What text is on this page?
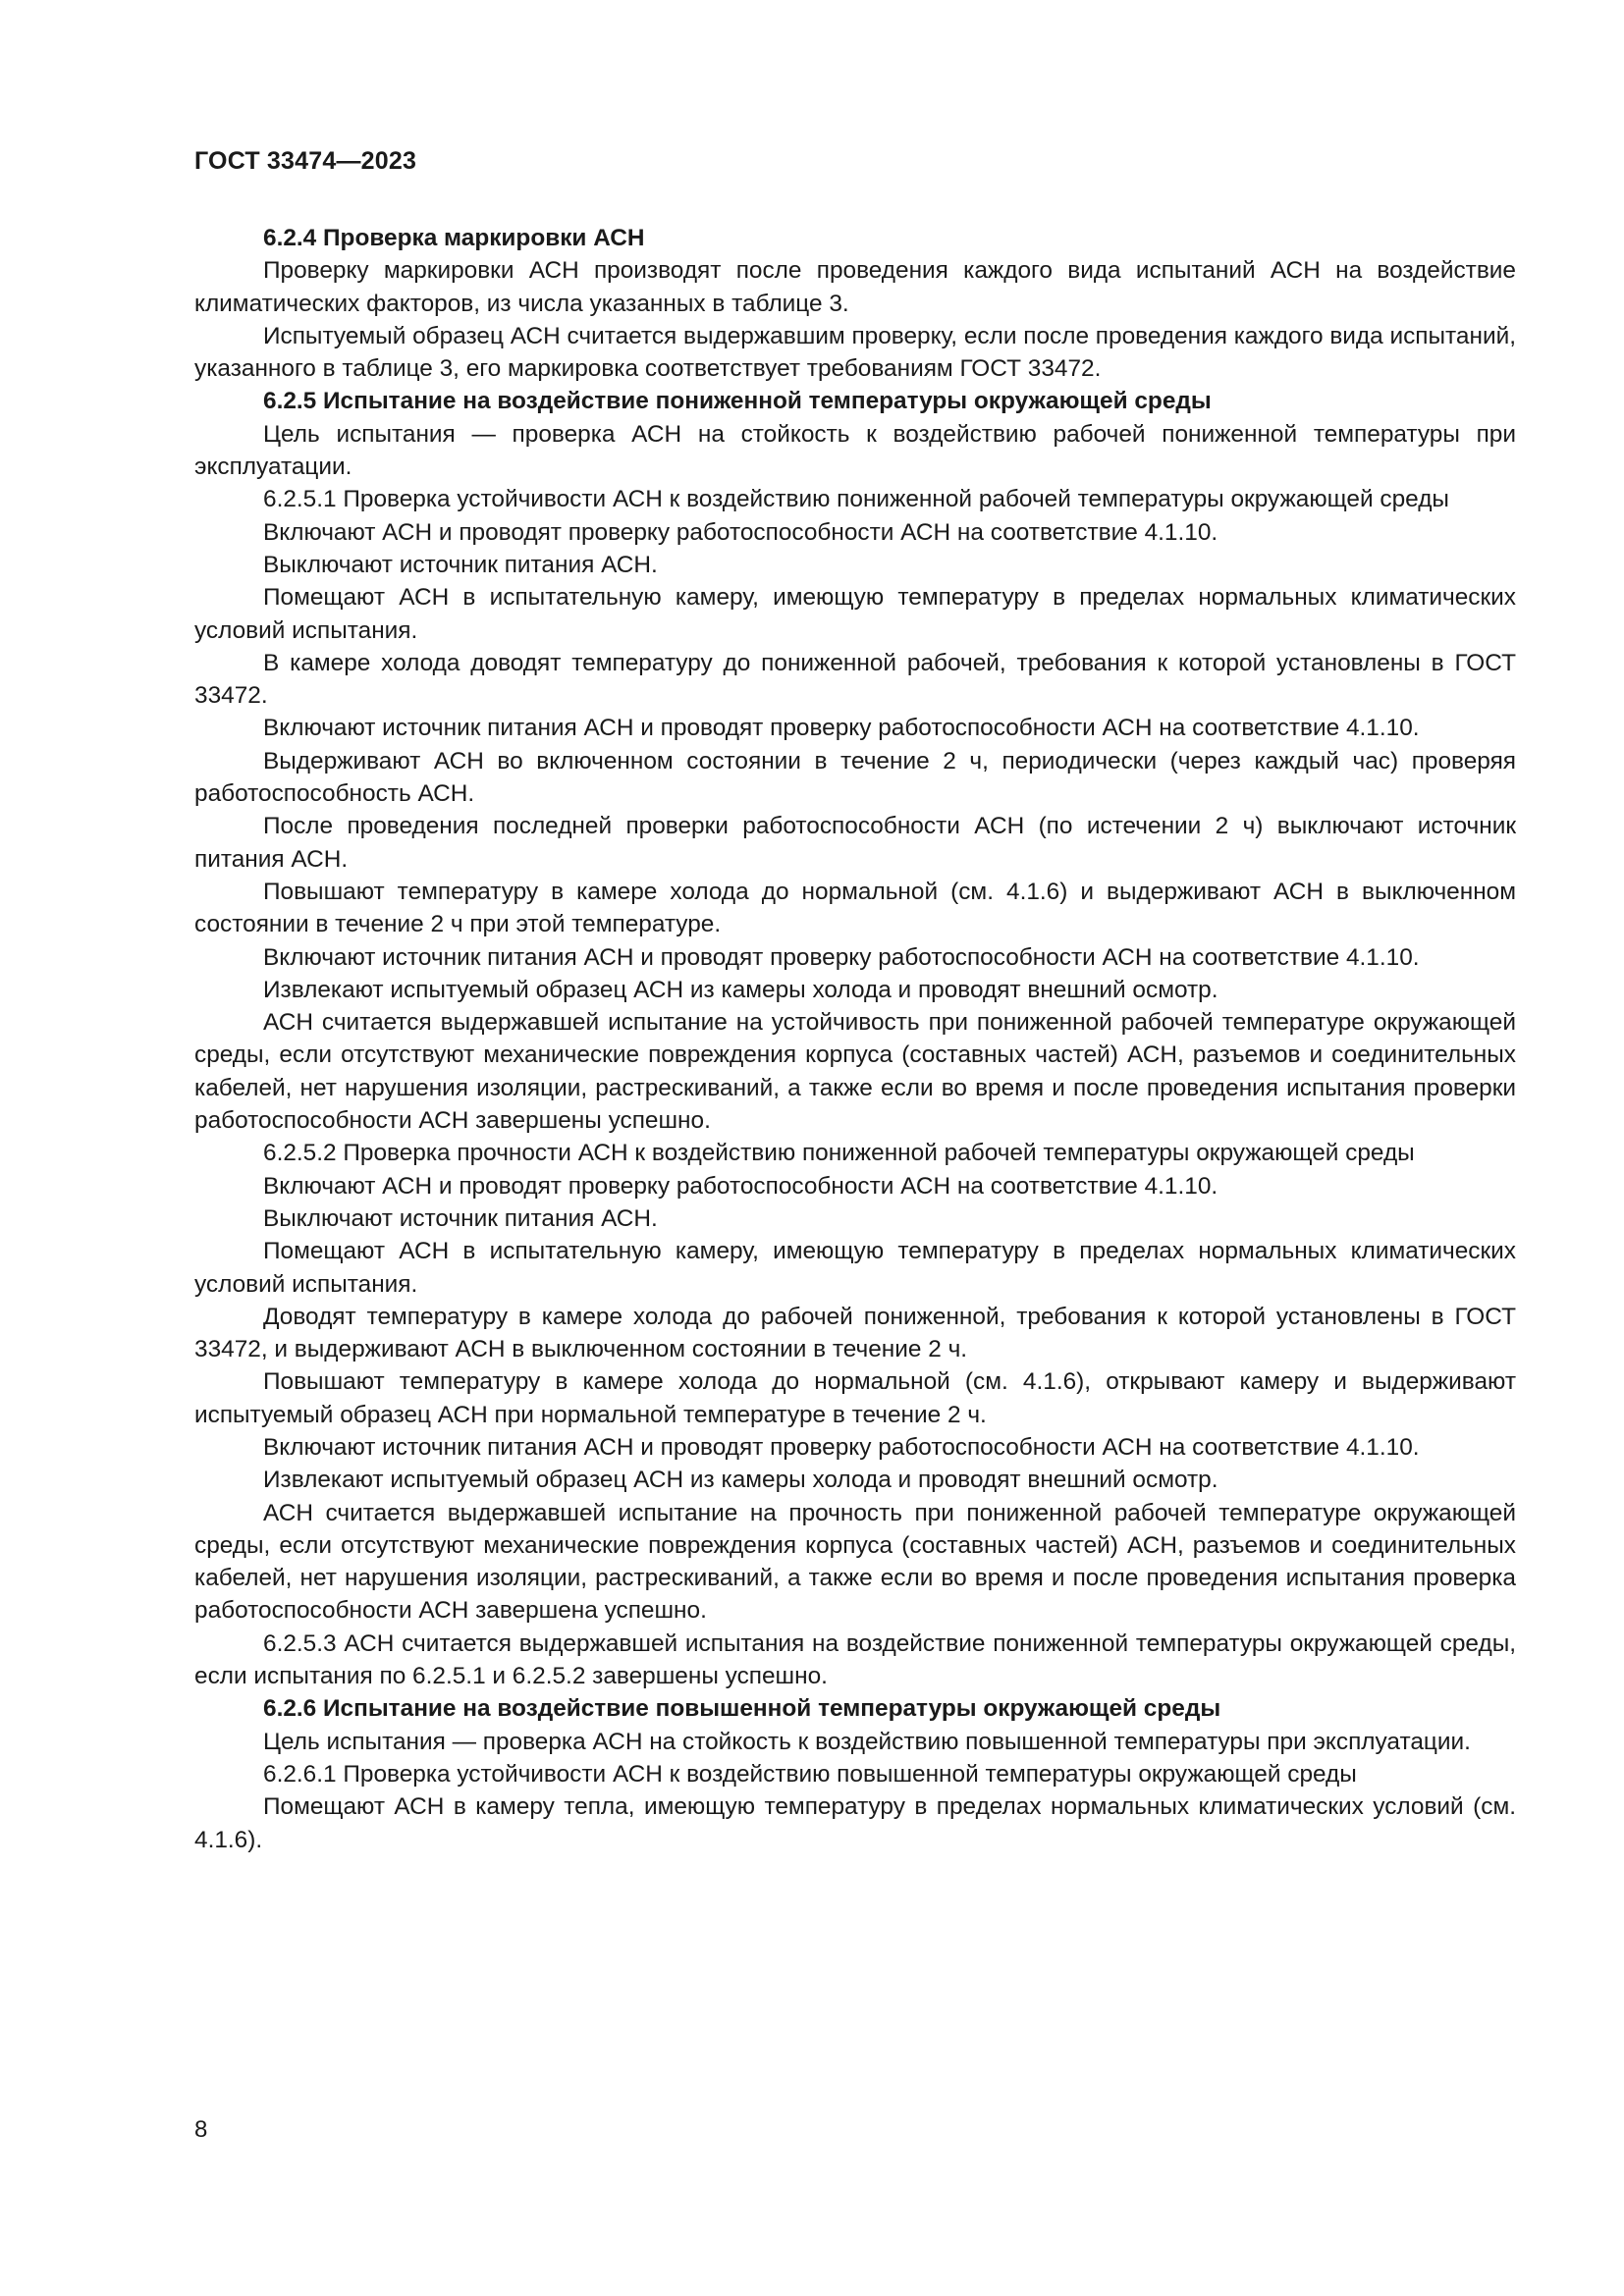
ГОСТ 33474—2023

6.2.4 Проверка маркировки АСН

Проверку маркировки АСН производят после проведения каждого вида испытаний АСН на воздействие климатических факторов, из числа указанных в таблице 3.

Испытуемый образец АСН считается выдержавшим проверку, если после проведения каждого вида испытаний, указанного в таблице 3, его маркировка соответствует требованиям ГОСТ 33472.

6.2.5 Испытание на воздействие пониженной температуры окружающей среды

Цель испытания — проверка АСН на стойкость к воздействию рабочей пониженной температуры при эксплуатации.

6.2.5.1 Проверка устойчивости АСН к воздействию пониженной рабочей температуры окружающей среды

Включают АСН и проводят проверку работоспособности АСН на соответствие 4.1.10.

Выключают источник питания АСН.

Помещают АСН в испытательную камеру, имеющую температуру в пределах нормальных климатических условий испытания.

В камере холода доводят температуру до пониженной рабочей, требования к которой установлены в ГОСТ 33472.

Включают источник питания АСН и проводят проверку работоспособности АСН на соответствие 4.1.10.

Выдерживают АСН во включенном состоянии в течение 2 ч, периодически (через каждый час) проверяя работоспособность АСН.

После проведения последней проверки работоспособности АСН (по истечении 2 ч) выключают источник питания АСН.

Повышают температуру в камере холода до нормальной (см. 4.1.6) и выдерживают АСН в выключенном состоянии в течение 2 ч при этой температуре.

Включают источник питания АСН и проводят проверку работоспособности АСН на соответствие 4.1.10.

Извлекают испытуемый образец АСН из камеры холода и проводят внешний осмотр.

АСН считается выдержавшей испытание на устойчивость при пониженной рабочей температуре окружающей среды, если отсутствуют механические повреждения корпуса (составных частей) АСН, разъемов и соединительных кабелей, нет нарушения изоляции, растрескиваний, а также если во время и после проведения испытания проверки работоспособности АСН завершены успешно.

6.2.5.2 Проверка прочности АСН к воздействию пониженной рабочей температуры окружающей среды

Включают АСН и проводят проверку работоспособности АСН на соответствие 4.1.10.

Выключают источник питания АСН.

Помещают АСН в испытательную камеру, имеющую температуру в пределах нормальных климатических условий испытания.

Доводят температуру в камере холода до рабочей пониженной, требования к которой установлены в ГОСТ 33472, и выдерживают АСН в выключенном состоянии в течение 2 ч.

Повышают температуру в камере холода до нормальной (см. 4.1.6), открывают камеру и выдерживают испытуемый образец АСН при нормальной температуре в течение 2 ч.

Включают источник питания АСН и проводят проверку работоспособности АСН на соответствие 4.1.10.

Извлекают испытуемый образец АСН из камеры холода и проводят внешний осмотр.

АСН считается выдержавшей испытание на прочность при пониженной рабочей температуре окружающей среды, если отсутствуют механические повреждения корпуса (составных частей) АСН, разъемов и соединительных кабелей, нет нарушения изоляции, растрескиваний, а также если во время и после проведения испытания проверка работоспособности АСН завершена успешно.

6.2.5.3 АСН считается выдержавшей испытания на воздействие пониженной температуры окружающей среды, если испытания по 6.2.5.1 и 6.2.5.2 завершены успешно.

6.2.6 Испытание на воздействие повышенной температуры окружающей среды

Цель испытания — проверка АСН на стойкость к воздействию повышенной температуры при эксплуатации.

6.2.6.1 Проверка устойчивости АСН к воздействию повышенной температуры окружающей среды

Помещают АСН в камеру тепла, имеющую температуру в пределах нормальных климатических условий (см. 4.1.6).

8
